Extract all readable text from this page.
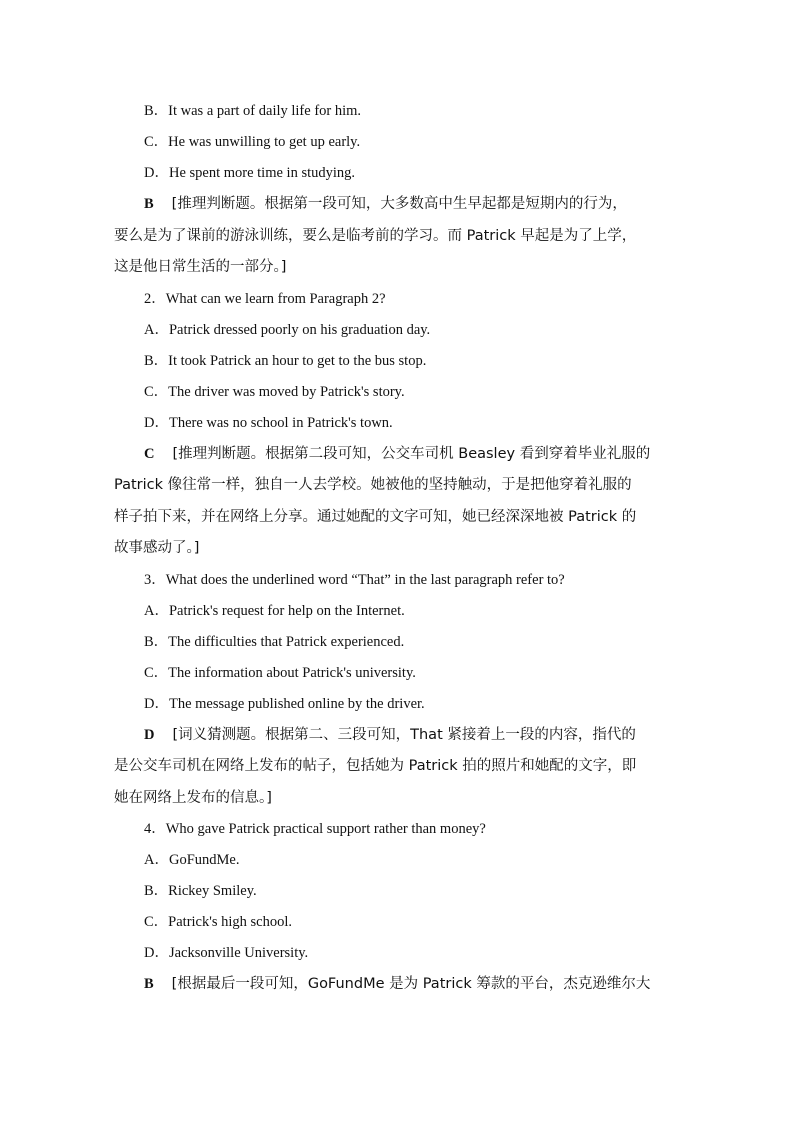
B．It was a part of daily life for him.
C．He was unwilling to get up early.
D．He spent more time in studying.
B [推理判断题。根据第一段可知，大多数高中生早起都是短期内的行为，
要么是为了课前的游泳训练，要么是临考前的学习。而 Patrick 早起是为了上学，
这是他日常生活的一部分。]
2．What can we learn from Paragraph 2?
A．Patrick dressed poorly on his graduation day.
B．It took Patrick an hour to get to the bus stop.
C．The driver was moved by Patrick's story.
D．There was no school in Patrick's town.
C [推理判断题。根据第二段可知，公交车司机 Beasley 看到穿着毕业礼服的
Patrick 像往常一样，独自一人去学校。她被他的坚持触动，于是把他穿着礼服的
样子拍下来，并在网络上分享。通过她配的文字可知，她已经深深地被 Patrick 的
故事感动了。]
3．What does the underlined word “That” in the last paragraph refer to?
A．Patrick's request for help on the Internet.
B．The difficulties that Patrick experienced.
C．The information about Patrick's university.
D．The message published online by the driver.
D [词义猜测题。根据第二、三段可知，That 紧接着上一段的内容，指代的
是公交车司机在网络上发布的帖子，包括她为 Patrick 拍的照片和她配的文字，即
她在网络上发布的信息。]
4．Who gave Patrick practical support rather than money?
A．GoFundMe.
B．Rickey Smiley.
C．Patrick's high school.
D．Jacksonville University.
B [根据最后一段可知，GoFundMe 是为 Patrick 筹款的平台，杰克逊维尔大
